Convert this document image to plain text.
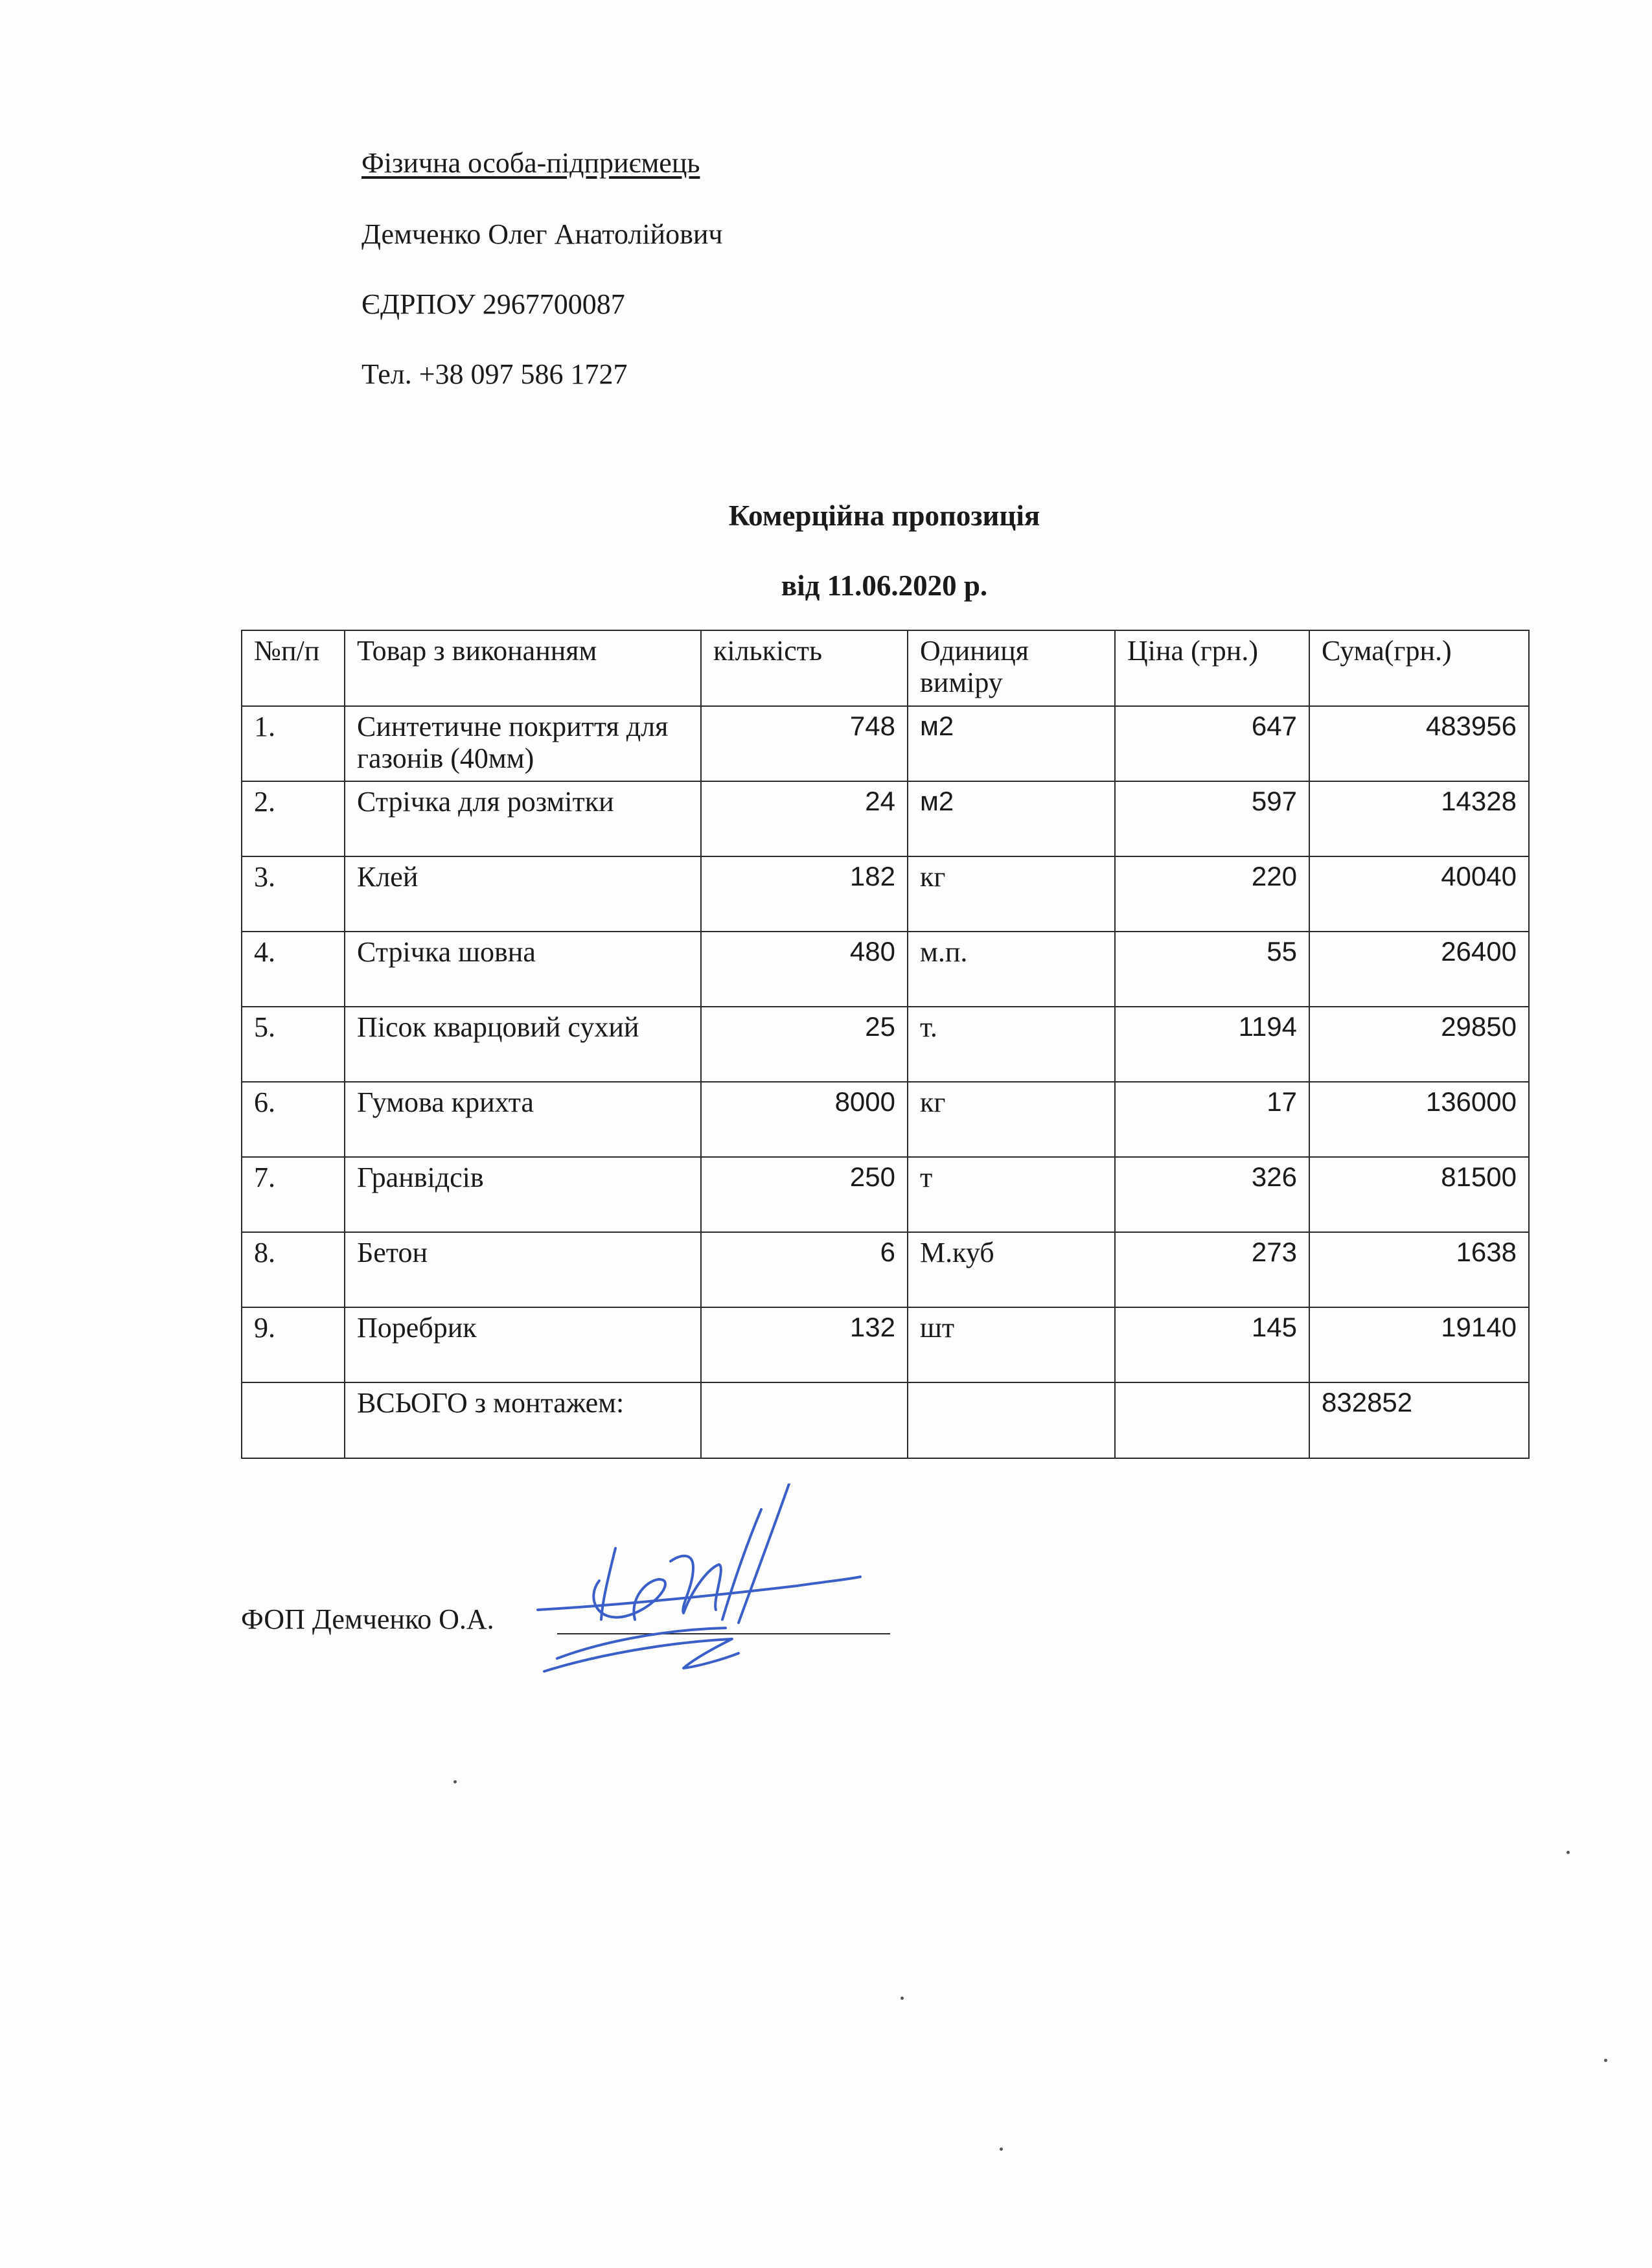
Фізична особа-підприємець
Демченко Олег Анатолійович
ЄДРПОУ 2967700087
Тел. +38 097 586 1727
Комерційна пропозиція
від 11.06.2020 р.
№п/п	Товар з виконанням	кількість	Одиниця виміру	Ціна (грн.)	Сума(грн.)
1.	Синтетичне покриття для газонів (40мм)	748	м2	647	483956
2.	Стрічка для розмітки	24	м2	597	14328
3.	Клей	182	кг	220	40040
4.	Стрічка шовна	480	м.п.	55	26400
5.	Пісок кварцовий сухий	25	т.	1194	29850
6.	Гумова крихта	8000	кг	17	136000
7.	Гранвідсів	250	т	326	81500
8.	Бетон	6	М.куб	273	1638
9.	Поребрик	132	шт	145	19140
	ВСЬОГО з монтажем:				832852
ФОП Демченко О.А.
